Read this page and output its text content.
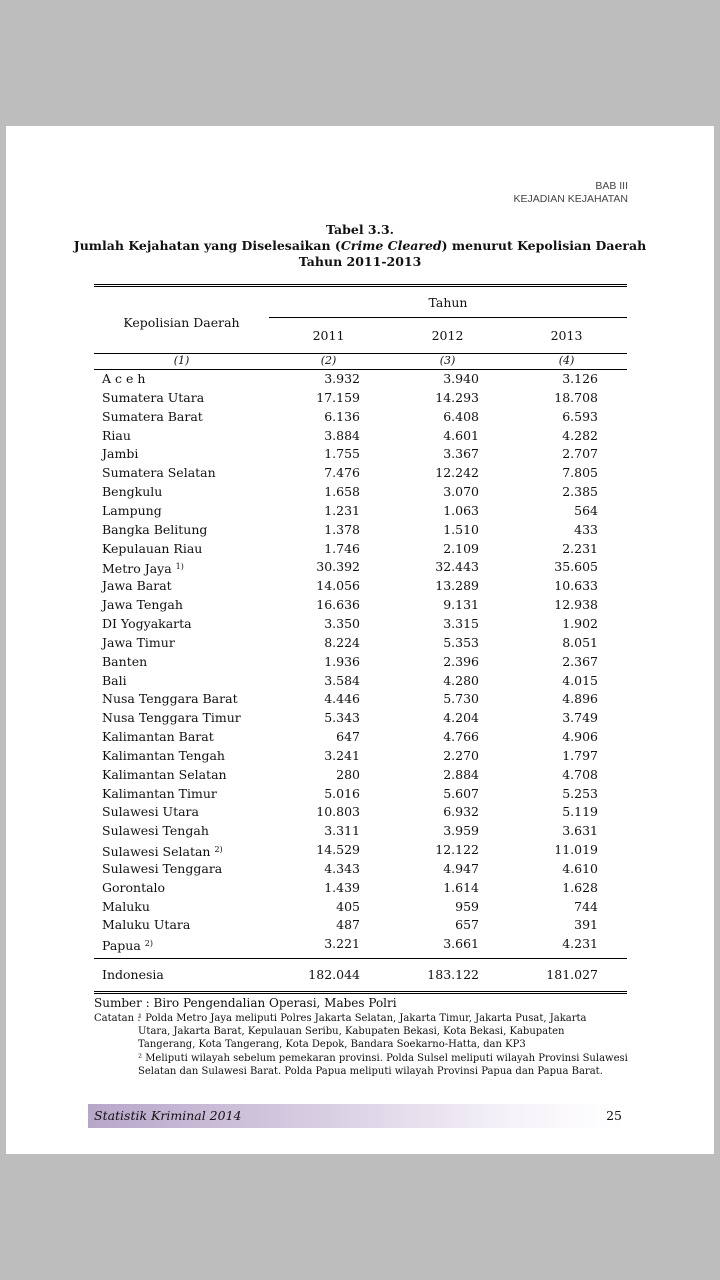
BAB III
KEJADIAN KEJAHATAN
Tabel 3.3.
Jumlah Kejahatan yang Diselesaikan (Crime Cleared) menurut Kepolisian Daerah
Tahun 2011-2013
Kepolisian Daerah
Tahun
2011	2012	2013
(1)	(2)	(3)	(4)
A c e h	3.932	3.940	3.126
Sumatera Utara	17.159	14.293	18.708
Sumatera Barat	6.136	6.408	6.593
Riau	3.884	4.601	4.282
Jambi	1.755	3.367	2.707
Sumatera Selatan	7.476	12.242	7.805
Bengkulu	1.658	3.070	2.385
Lampung	1.231	1.063	564
Bangka Belitung	1.378	1.510	433
Kepulauan Riau	1.746	2.109	2.231
Metro Jaya $^{1)}$	30.392	32.443	35.605
Jawa Barat	14.056	13.289	10.633
Jawa Tengah	16.636	9.131	12.938
DI Yogyakarta	3.350	3.315	1.902
Jawa Timur	8.224	5.353	8.051
Banten	1.936	2.396	2.367
Bali	3.584	4.280	4.015
Nusa Tenggara Barat	4.446	5.730	4.896
Nusa Tenggara Timur	5.343	4.204	3.749
Kalimantan Barat	647	4.766	4.906
Kalimantan Tengah	3.241	2.270	1.797
Kalimantan Selatan	280	2.884	4.708
Kalimantan Timur	5.016	5.607	5.253
Sulawesi Utara	10.803	6.932	5.119
Sulawesi Tengah	3.311	3.959	3.631
Sulawesi Selatan $^{2)}$	14.529	12.122	11.019
Sulawesi Tenggara	4.343	4.947	4.610
Gorontalo	1.439	1.614	1.628
Maluku	405	959	744
Maluku Utara	487	657	391
Papua $^{2)}$	3.221	3.661	4.231
Indonesia	182.044	183.122	181.027
Sumber : Biro Pengendalian Operasi, Mabes Polri
Catatan :
¹ Polda Metro Jaya meliputi Polres Jakarta Selatan, Jakarta Timur, Jakarta Pusat, Jakarta Utara, Jakarta Barat, Kepulauan Seribu, Kabupaten Bekasi, Kota Bekasi, Kabupaten Tangerang, Kota Tangerang, Kota Depok, Bandara Soekarno-Hatta, dan KP3
² Meliputi wilayah sebelum pemekaran provinsi. Polda Sulsel meliputi wilayah Provinsi Sulawesi Selatan dan Sulawesi Barat. Polda Papua meliputi wilayah Provinsi Papua dan Papua Barat.
Statistik Kriminal 2014	25
